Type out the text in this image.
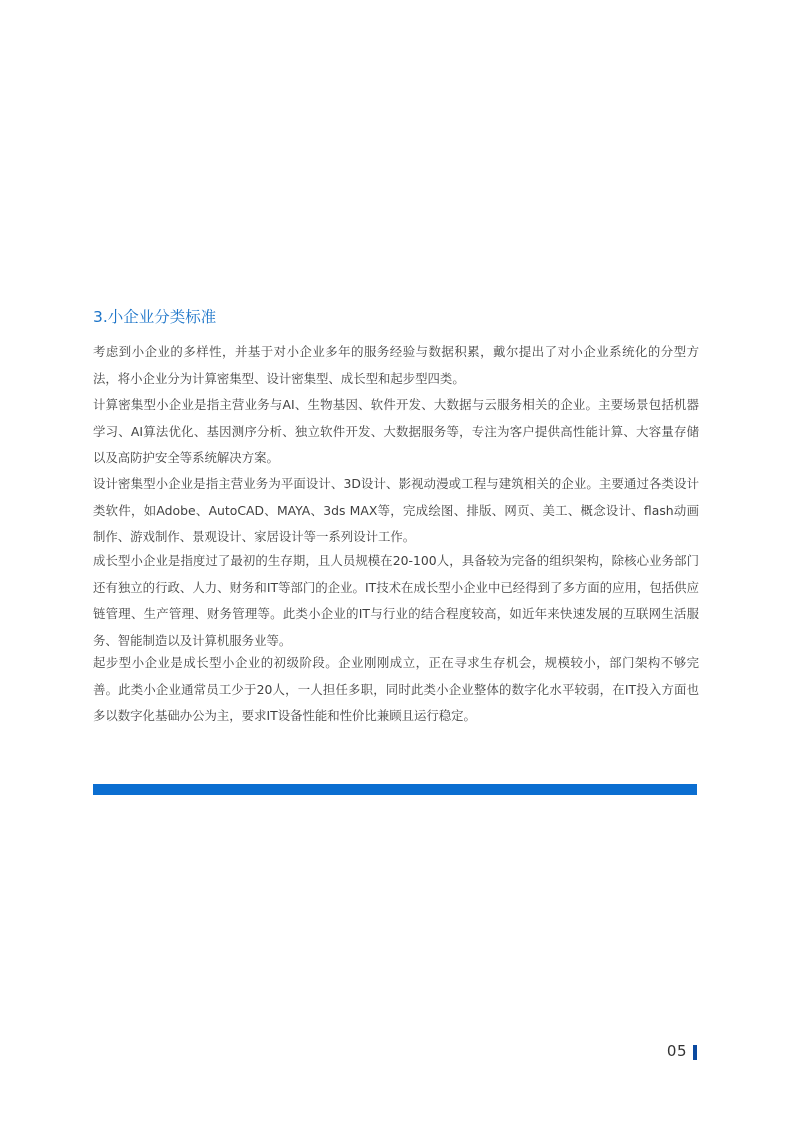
3.小企业分类标准

考虑到小企业的多样性，并基于对小企业多年的服务经验与数据积累，戴尔提出了对小企业系统化的分型方法，将小企业分为计算密集型、设计密集型、成长型和起步型四类。

计算密集型小企业是指主营业务与AI、生物基因、软件开发、大数据与云服务相关的企业。主要场景包括机器学习、AI算法优化、基因测序分析、独立软件开发、大数据服务等，专注为客户提供高性能计算、大容量存储以及高防护安全等系统解决方案。

设计密集型小企业是指主营业务为平面设计、3D设计、影视动漫或工程与建筑相关的企业。主要通过各类设计类软件，如Adobe、AutoCAD、MAYA、3ds MAX等，完成绘图、排版、网页、美工、概念设计、flash动画制作、游戏制作、景观设计、家居设计等一系列设计工作。

成长型小企业是指度过了最初的生存期，且人员规模在20-100人，具备较为完备的组织架构，除核心业务部门还有独立的行政、人力、财务和IT等部门的企业。IT技术在成长型小企业中已经得到了多方面的应用，包括供应链管理、生产管理、财务管理等。此类小企业的IT与行业的结合程度较高，如近年来快速发展的互联网生活服务、智能制造以及计算机服务业等。

起步型小企业是成长型小企业的初级阶段。企业刚刚成立，正在寻求生存机会，规模较小，部门架构不够完善。此类小企业通常员工少于20人，一人担任多职，同时此类小企业整体的数字化水平较弱，在IT投入方面也多以数字化基础办公为主，要求IT设备性能和性价比兼顾且运行稳定。

05
